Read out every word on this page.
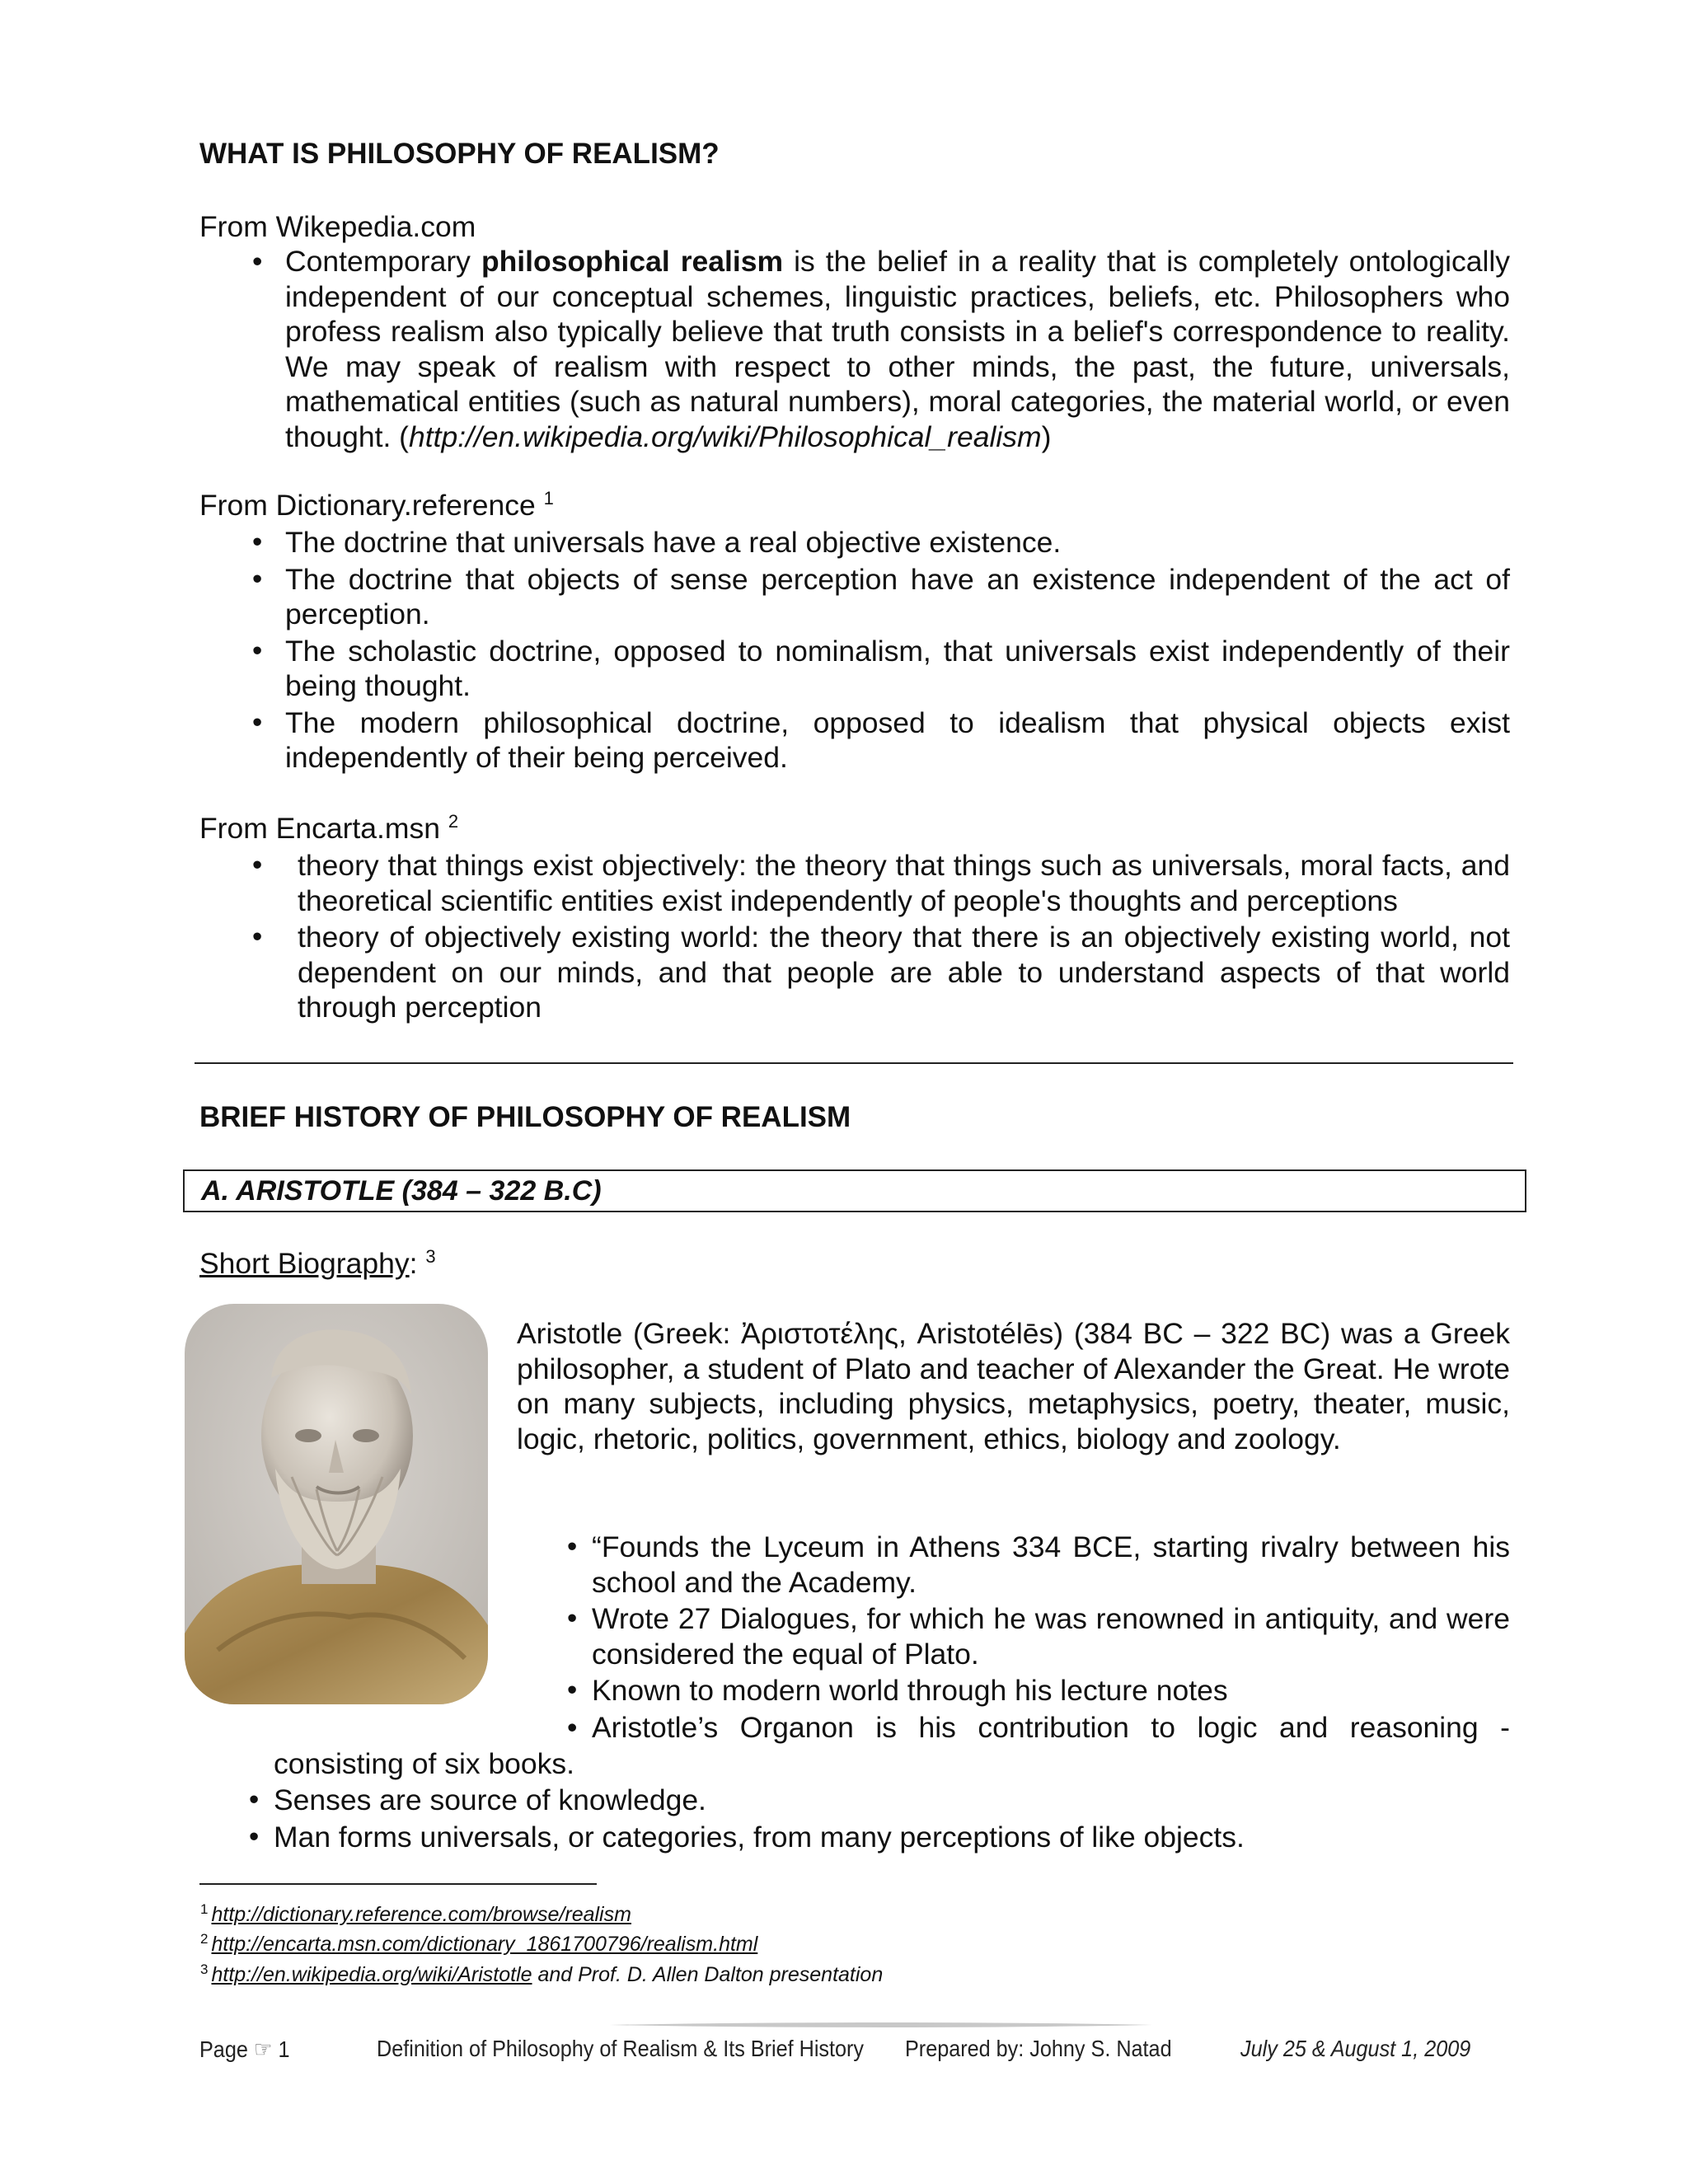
WHAT IS PHILOSOPHY OF REALISM?
From Wikepedia.com
• Contemporary philosophical realism is the belief in a reality that is completely ontologically independent of our conceptual schemes, linguistic practices, beliefs, etc. Philosophers who profess realism also typically believe that truth consists in a belief's correspondence to reality. We may speak of realism with respect to other minds, the past, the future, universals, mathematical entities (such as natural numbers), moral categories, the material world, or even thought. (http://en.wikipedia.org/wiki/Philosophical_realism)
From Dictionary.reference $^1$
• The doctrine that universals have a real objective existence.
• The doctrine that objects of sense perception have an existence independent of the act of perception.
• The scholastic doctrine, opposed to nominalism, that universals exist independently of their being thought.
• The modern philosophical doctrine, opposed to idealism that physical objects exist independently of their being perceived.
From Encarta.msn $^2$
• theory that things exist objectively: the theory that things such as universals, moral facts, and theoretical scientific entities exist independently of people's thoughts and perceptions
• theory of objectively existing world: the theory that there is an objectively existing world, not dependent on our minds, and that people are able to understand aspects of that world through perception
BRIEF HISTORY OF PHILOSOPHY OF REALISM
A. ARISTOTLE (384 – 322 B.C)
Short Biography: $^3$
Aristotle (Greek: Ἀριστοτέλης, Aristotélēs) (384 BC – 322 BC) was a Greek philosopher, a student of Plato and teacher of Alexander the Great. He wrote on many subjects, including physics, metaphysics, poetry, theater, music, logic, rhetoric, politics, government, ethics, biology and zoology.
• “Founds the Lyceum in Athens 334 BCE, starting rivalry between his school and the Academy.
• Wrote 27 Dialogues, for which he was renowned in antiquity, and were considered the equal of Plato.
• Known to modern world through his lecture notes
• Aristotle’s Organon is his contribution to logic and reasoning -
consisting of six books.
• Senses are source of knowledge.
• Man forms universals, or categories, from many perceptions of like objects.
$^1$ http://dictionary.reference.com/browse/realism
$^2$ http://encarta.msn.com/dictionary_1861700796/realism.html
$^3$ http://en.wikipedia.org/wiki/Aristotle and Prof. D. Allen Dalton presentation
Page ☞ 1	Definition of Philosophy of Realism & Its Brief History Prepared by: Johny S. Natad	July 25 & August 1, 2009
